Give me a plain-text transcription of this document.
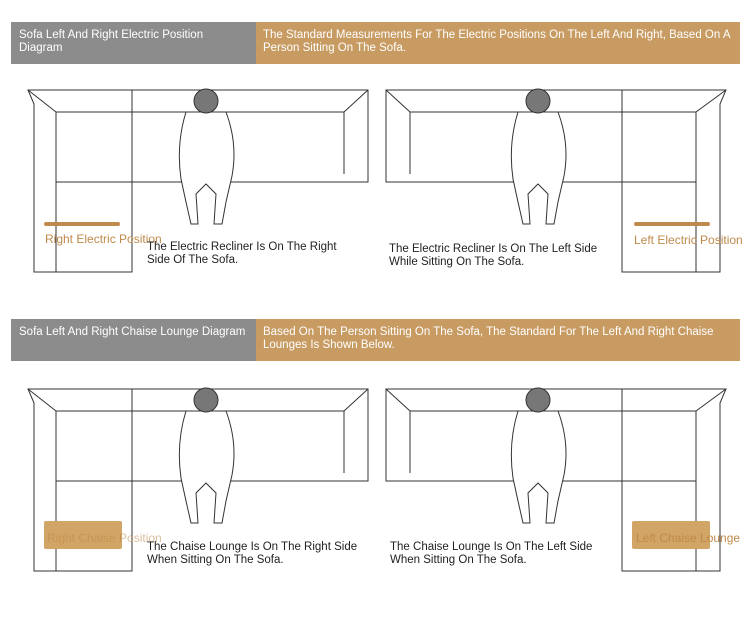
Sofa Left And Right Electric Position Diagram
The Standard Measurements For The Electric Positions On The Left And Right, Based On A Person Sitting On The Sofa.
Right Electric Position
The Electric Recliner Is On The Right Side Of The Sofa.
Left Electric Position
The Electric Recliner Is On The Left Side While Sitting On The Sofa.
Sofa Left And Right Chaise Lounge Diagram	Based On The Person Sitting On The Sofa, The Standard For The Left And Right Chaise Lounges Is Shown Below.
Right Chaise Position
The Chaise Lounge Is On The Right Side When Sitting On The Sofa.
Left Chaise Lounge
The Chaise Lounge Is On The Left Side When Sitting On The Sofa.
